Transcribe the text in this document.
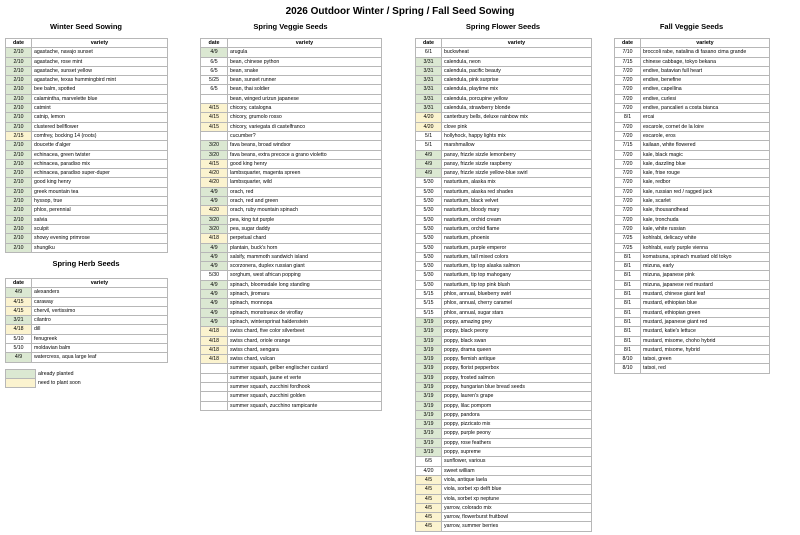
2026 Outdoor Winter / Spring / Fall Seed Sowing
Winter Seed Sowing
date	variety
2/10	agastache, navajo sunset
2/10	agastache, rose mint
2/10	agastache, sunset yellow
2/10	agastache, texas hummingbird mint
2/10	bee balm, spotted
2/10	calamintha, marvelette blue
2/10	catmint
2/10	catnip, lemon
2/10	clustered bellflower
2/15	comfrey, bocking 14 (roots)
2/10	doucette d'alger
2/10	echinacea, green twister
2/10	echinacea, paradiso mix
2/10	echinacea, paradiso super-duper
2/10	good king henry
2/10	greek mountain tea
2/10	hyssop, true
2/10	phlox, perennial
2/10	salvia
2/10	sculpit
2/10	showy evening primrose
2/10	shungiku
Spring Herb Seeds
date	variety
4/9	alexanders
4/15	caraway
4/15	chervil, vertissimo
3/21	cilantro
4/18	dill
5/10	fenugreek
5/10	moldavian balm
4/9	watercress, aqua large leaf
Spring Veggie Seeds
date	variety
4/9	arugula
6/5	bean, chinese python
6/5	bean, snake
5/25	bean, sunset runner
6/5	bean, thai soldier
	bean, winged urizun japanese
4/15	chicory, catalogna
4/15	chicory, grumolo rosso
4/15	chicory, variegata di castelfranco
	cucumber?
3/20	fava beans, broad windsor
3/20	fava beans, extra precoce a grano violetto
4/15	good king henry
4/20	lambsquarter, magenta spreen
4/20	lambsquarter, wild
4/9	orach, red
4/9	orach, red and green
4/20	orach, ruby mountain spinach
3/20	pea, king tut purple
3/20	pea, sugar daddy
4/18	perpetual chard
4/9	plantain, buck's horn
4/9	salsify, mammoth sandwich island
4/9	scorzonera, duplex russian giant
5/30	sorghum, west african popping
4/9	spinach, bloomsdale long standing
4/9	spinach, jiromaru
4/9	spinach, monnopa
4/9	spinach, monstrueux de viroflay
4/9	spinach, wintersprinat haldenstein
4/18	swiss chard, five color silverbeet
4/18	swiss chard, oriole orange
4/18	swiss chard, sengara
4/18	swiss chard, vulcan
	summer squash, gelber englischer custard
	summer squash, jaune et verte
	summer squash, zucchini fordhook
	summer squash, zucchini golden
	summer squash, zucchino rampicante
Spring Flower Seeds
date	variety
6/1	buckwheat
3/31	calendula, neon
3/31	calendula, pacific beauty
3/31	calendula, pink surprise
3/31	calendula, playtime mix
3/31	calendula, porcupine yellow
3/31	calendula, strawberry blonde
4/20	canterbury bells, deluxe rainbow mix
4/20	clove pink
5/1	hollyhock, happy lights mix
5/1	marshmallow
4/9	pansy, frizzle sizzle lemonberry
4/9	pansy, frizzle sizzle raspberry
4/9	pansy, frizzle sizzle yellow-blue swirl
5/30	nasturtium, alaska mix
5/30	nasturtium, alaska red shades
5/30	nasturtium, black velvet
5/30	nasturtium, bloody mary
5/30	nasturtium, orchid cream
5/30	nasturtium, orchid flame
5/30	nasturtium, phoenix
5/30	nasturtium, purple emperor
5/30	nasturtium, tall mixed colors
5/30	nasturtium, tip top alaska salmon
5/30	nasturtium, tip top mahogany
5/30	nasturtium, tip top pink blush
5/15	phlox, annual, blueberry swirl
5/15	phlox, annual, cherry caramel
5/15	phlox, annual, sugar stars
3/19	poppy, amazing grey
3/19	poppy, black peony
3/19	poppy, black swan
3/19	poppy, drama queen
3/19	poppy, flemish antique
3/19	poppy, florist pepperbox
3/19	poppy, frosted salmon
3/19	poppy, hungarian blue bread seeds
3/19	poppy, lauren's grape
3/19	poppy, lilac pompom
3/19	poppy, pandora
3/19	poppy, pizzicato mix
3/19	poppy, purple peony
3/19	poppy, rose feathers
3/19	poppy, supreme
6/5	sunflower, various
4/20	sweet william
4/5	viola, antique laela
4/5	viola, sorbet xp delft blue
4/5	viola, sorbet xp neptune
4/5	yarrow, colorado mix
4/5	yarrow, flowerburst fruitbowl
4/5	yarrow, summer berries
Fall Veggie Seeds
date	variety
7/10	broccoli rabe, natalina di fasano cima grande
7/15	chinese cabbage, tokyo bekana
7/20	endive, batavian full heart
7/20	endive, benefine
7/20	endive, capellina
7/20	endive, curlesi
7/20	endive, pancalieri a costa bianca
8/1	ercai
7/20	escarole, cornet de la loire
7/20	escarole, eros
7/15	kailaan, white flowered
7/20	kale, black magic
7/20	kale, dazzling blue
7/20	kale, frise rouge
7/20	kale, redbor
7/20	kale, russian red / ragged jack
7/20	kale, scarlet
7/20	kale, thousandhead
7/20	kale, tronchuda
7/20	kale, white russian
7/25	kohlrabi, delicacy white
7/25	kohlrabi, early purple vienna
8/1	komatsuna, spinach mustard old tokyo
8/1	mizuna, early
8/1	mizuna, japanese pink
8/1	mizuna, japanese red mustard
8/1	mustard, chinese giant leaf
8/1	mustard, ethiopian blue
8/1	mustard, ethiopian green
8/1	mustard, japanese giant red
8/1	mustard, katie's lettuce
8/1	mustard, misome, choho hybrid
8/1	mustard, misome, hybrid
8/10	tatsoi, green
8/10	tatsoi, red
	already planted
	need to plant soon
